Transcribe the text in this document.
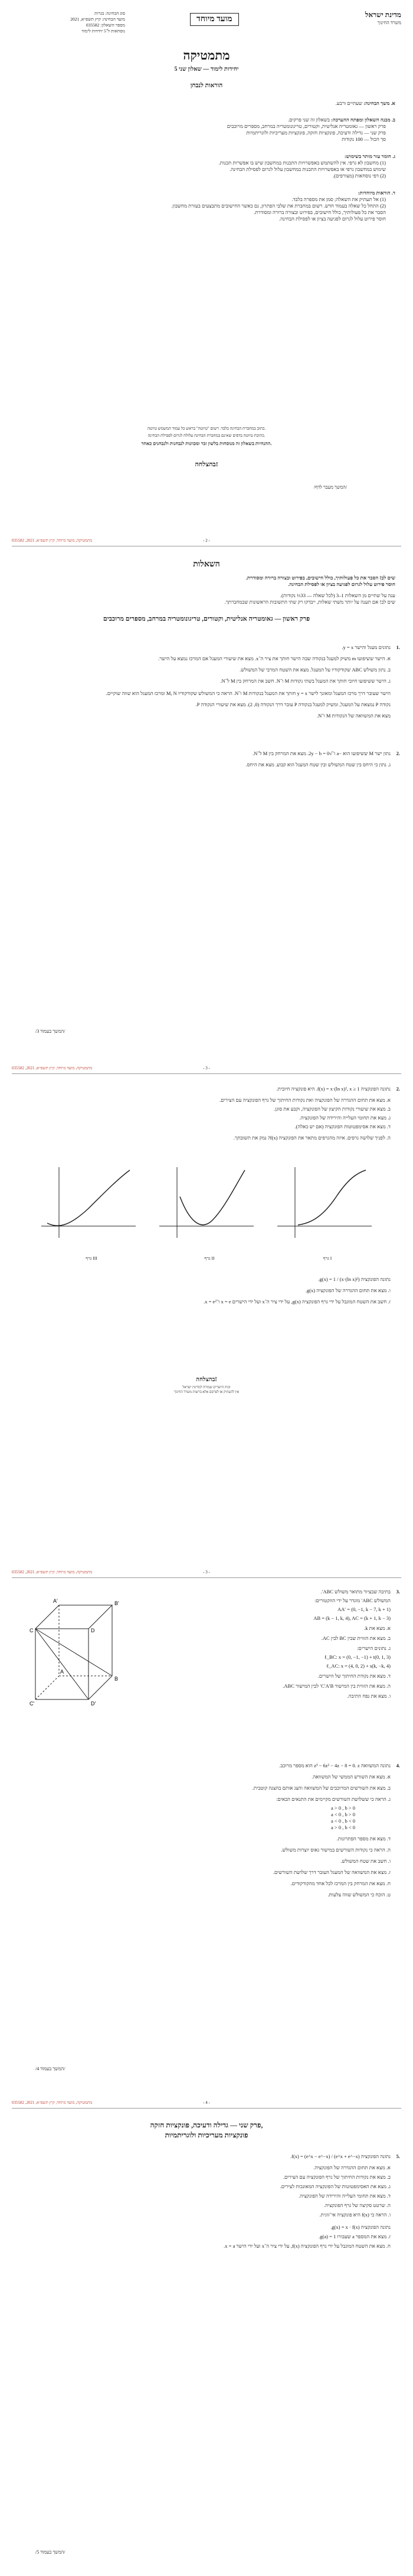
מדינת ישראל
משרד החינוך
מועד מיוחד
סוג הבחינה: בגרות
מועד הבחינה: קיץ תשפ״א, 2021
מספר השאלון: 035582
נוסחאות ל־5 יחידות לימוד
מתמטיקה
5 יחידות לימוד — שאלון שני
הוראות לנבחן
א. משך הבחינה: שעתיים ורבע.
ב. מבנה השאלון ומפתח ההערכה: בשאלון זה שני פרקים.
פרק ראשון — גאומטריה אנליטית, וקטורים, טריגונומטריה במרחב, מספרים מרוכבים
פרק שני — גדילה ודעיכה, פונקציות חזקה, פונקציות מעריכיות ולוגריתמיות
סך הכול — 100 נקודות
ג. חומר עזר מותר בשימוש:
(1) מחשבון לא גרפי. אין להשתמש באפשרויות התכנות במחשבון שיש בו אפשרות תכנות.
שימוש במחשבון גרפי או באפשרויות התכנות במחשבון עלול לגרום לפסילת הבחינה.
(2) דפי נוסחאות (מצורפים).
ד. הוראות מיוחדות:
(1) אל תעתיק את השאלה; סמן את מספרה בלבד.
(2) התחל כל שאלה בעמוד חדש. רשום במחברת את שלבי הפתרון, גם כאשר החישובים מתבצעים בעזרת מחשבון.
הסבר את כל פעולותיך, כולל חישובים, בפירוט ובצורה ברורה ומסודרת.
חוסר פירוט עלול לגרום לפגיעה בציון או לפסילת הבחינה.
כתוב במחברת הבחינה בלבד. רשום "טיוטה" בראש כל עמוד המשמש טיוטה.
כתיבת טיוטה בדפים שאינם במחברת הבחינה עלולה לגרום לפסילת הבחינה.
ההנחיות בשאלון זה מנוסחות בלשון זכר ומכוונות לנבחנות ולנבחנים כאחד.
בהצלחה!
/המשך מעבר לדף/
035582 ,מתמטיקה, מועד מיוחד, קיץ תשפ״א, 2021	- 2 -
השאלות
שים לב! הסבר את כל פעולותיך, כולל חישובים, בפירוט ובצורה ברורה ומסודרת.
חוסר פירוט עלול לגרום לפגיעה בציון או לפסילת הבחינה.
ענה על שתיים מן השאלות 1–3 (לכל שאלה — 33⅓ נקודות).
שים לב! אם תענה על יותר משתי שאלות, ייבדקו רק שתי התשובות הראשונות שבמחברתך.
פרק ראשון — גאומטריה אנליטית, וקטורים, טריגונומטריה במרחב, מספרים מרוכבים
1.
נתונים מעגל והישר y = x.
א. הישר ששיפועו m משיק למעגל בנקודה שבה הישר חותך את ציר ה־x. מצא את שיעורי המעגל אם המרכז נמצא על הישר.
ב. נתון משולש ABC שקודקודיו על המעגל. מצא את השטח המרבי של המשולש.
ג. הישר ששיפועו חיובי חותך את המעגל בשתי נקודות M ו־N. חשב את המרחק בין M ל־N.
הישר שעובר דרך מרכז המעגל ומאונך לישר y = x חותך את המעגל בנקודות M ו־N. הראה כי המשולש שקודקודיו M, N ומרכז המעגל הוא שווה שוקיים.
נקודה P נמצאת על המעגל, ומשיק למעגל בנקודה P עובר דרך הנקודה (0, 2). מצא את שיעורי הנקודה P.
מצא את המשוואה של הנקודות M ו־N.
2.
נתון ישר M ששיפועו הוא −a ו־√2y − b = 0. מצא את המרחק בין M ל־N.
ג. נתון כי היחס בין שטח המשולש ובין שטח המעגל הוא קבוע. מצא את היחס.
/המשך בעמוד 3/
035582 ,מתמטיקה, מועד מיוחד, קיץ תשפ״א, 2021	- 3 -
2.
נתונה הפונקציה f(x) = x·(ln x)², x ≥ 1. היא פונקציה חיובית.
א. מצא את תחום ההגדרה של הפונקציה ואת נקודות החיתוך של גרף הפונקציה עם הצירים.
ב. מצא את שיעורי נקודות הקיצון של הפונקציה, וקבע את סוגן.
ג. מצא את תחומי העלייה והירידה של הפונקציה.
ד. מצא את אסימפטוטות הפונקציה (אם יש כאלה).
ה. לפניך שלושה גרפים. איזה מהגרפים מתאר את הפונקציה f(x)? נמק את תשובתך.
גרף III	גרף II	גרף I
נתונה הפונקציה g(x) = 1 / (x·(ln x)²).
ו. מצא את תחום ההגדרה של הפונקציה g(x).
ז. חשב את השטח המוגבל על ידי גרף הפונקציה g(x), על ידי ציר ה־x ועל ידי הישרים x = e ו־x = e².
בהצלחה!
זכות היוצרים שמורה למדינת ישראל
אין להעתיק או לפרסם אלא ברשות משרד החינוך
035582 ,מתמטיקה, מועד מיוחד, קיץ תשפ״א, 2021	- 3 -
C	D
B'
A'
C'	D'
B
A
3.
בתיבה שבציור מתואר משולש ABC′.
המשולש ABC′ מוגדר על ידי הווקטורים:
AA′ = (0, −1, k − 7, k + 1)
AB = (k − 1, k, 4), AC = (k + 1, k − 3)
א. מצא את k.
ב. מצא את הזווית שבין BC לבין AC.
ג. נתונים הישרים:
ℓ_BC: x = (0, −1, −1) + t(0, 1, 3)
ℓ_AC: x = (4, 0, 2) + s(k, −k, 4)
ד. מצא את נקודת החיתוך של הישרים.
ה. מצא את הזווית בין המישור C′A′B′ לבין המישור ABC.
ו. מצא את נפח התיבה.
4.
נתונה המשוואה z³ − 6z² − 4z − 8 = 0. z הוא מספר מרוכב.
א. מצא את השורש הממשי של המשוואה.
ב. מצא את השורשים המרוכבים של המשוואה והצג אותם בהצגה קוטבית.
ג. הראה כי ששלושת השורשים מקיימים את התנאים הבאים:
a > 0 , b > 0
a < 0 , b > 0
a < 0 , b < 0
a > 0 , b < 0
ד. מצא את מספר הפתרונות.
ה. הראה כי נקודות השורשים במישור גאוס יוצרות משולש.
ו. חשב את שטח המשולש.
ז. מצא את המשוואה של המעגל העובר דרך שלושת השורשים.
ח. מצא את המרחק בין המרכז לכל אחד מהקודקודים.
ט. הוכח כי המשולש שווה צלעות.
/המשך בעמוד 4/
035582 ,מתמטיקה, מועד מיוחד, קיץ תשפ״א, 2021	- 4 -
פרק שני — גדילה ודעיכה, פונקציות חזקה,
פונקציות מעריכיות ולוגריתמיות
5.
נתונה הפונקציה f(x) = (e^x − e^−x) / (e^x + e^−x).
א. מצא את תחום ההגדרה של הפונקציה.
ב. מצא את נקודות החיתוך של גרף הפונקציה עם הצירים.
ג. מצא את האסימפטוטות של הפונקציה המאונכות לצירים.
ד. מצא את תחומי העלייה והירידה של הפונקציה.
ה. שרטט סקיצה של גרף הפונקציה.
ו. הראה כי f(x) היא פונקציה אי־זוגית.
נתונה הפונקציה g(x) = x · f(x).
ז. מצא את המספר a שעבורו g(a) = 1.
ח. מצא את השטח המוגבל על ידי גרף הפונקציה f(x), על ידי ציר ה־x ועל ידי הישר x = a.
/המשך בעמוד 5/
